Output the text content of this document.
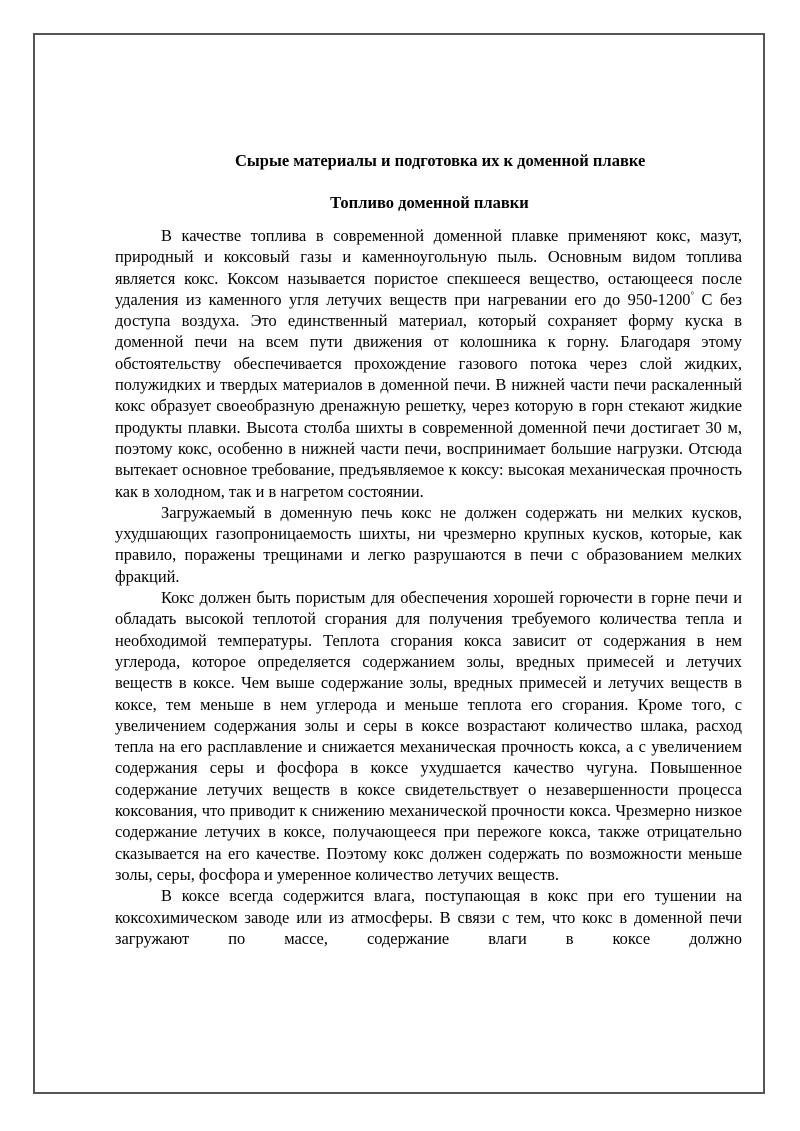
Сырые материалы и подготовка их к доменной плавке

Топливо доменной плавки

В качестве топлива в современной доменной плавке применяют кокс, мазут, природный и коксовый газы и каменноугольную пыль. Основным видом топлива является кокс. Коксом называется пористое спекшееся вещество, остающееся после удаления из каменного угля летучих веществ при нагревании его до 950-1200° С без доступа воздуха. Это единственный материал, который сохраняет форму куска в доменной печи на всем пути движения от колошника к горну. Благодаря этому обстоятельству обеспечивается прохождение газового потока через слой жидких, полужидких и твердых материалов в доменной печи. В нижней части печи раскаленный кокс образует своеобразную дренажную решетку, через которую в горн стекают жидкие продукты плавки. Высота столба шихты в современной доменной печи достигает 30 м, поэтому кокс, особенно в нижней части печи, воспринимает большие нагрузки. Отсюда вытекает основное требование, предъявляемое к коксу: высокая механическая прочность как в холодном, так и в нагретом состоянии.

Загружаемый в доменную печь кокс не должен содержать ни мелких кусков, ухудшающих газопроницаемость шихты, ни чрезмерно крупных кусков, которые, как правило, поражены трещинами и легко разрушаются в печи с образованием мелких фракций.

Кокс должен быть пористым для обеспечения хорошей горючести в горне печи и обладать высокой теплотой сгорания для получения требуемого количества тепла и необходимой температуры. Теплота сгорания кокса зависит от содержания в нем углерода, которое определяется содержанием золы, вредных примесей и летучих веществ в коксе. Чем выше содержание золы, вредных примесей и летучих веществ в коксе, тем меньше в нем углерода и меньше теплота его сгорания. Кроме того, с увеличением содержания золы и серы в коксе возрастают количество шлака, расход тепла на его расплавление и снижается механическая прочность кокса, а с увеличением содержания серы и фосфора в коксе ухудшается качество чугуна. Повышенное содержание летучих веществ в коксе свидетельствует о незавершенности процесса коксования, что приводит к снижению механической прочности кокса. Чрезмерно низкое содержание летучих в коксе, получающееся при пережоге кокса, также отрицательно сказывается на его качестве. Поэтому кокс должен содержать по возможности меньше золы, серы, фосфора и умеренное количество летучих веществ.

В коксе всегда содержится влага, поступающая в кокс при его тушении на коксохимическом заводе или из атмосферы. В связи с тем, что кокс в доменной печи загружают по массе, содержание влаги в коксе должно
